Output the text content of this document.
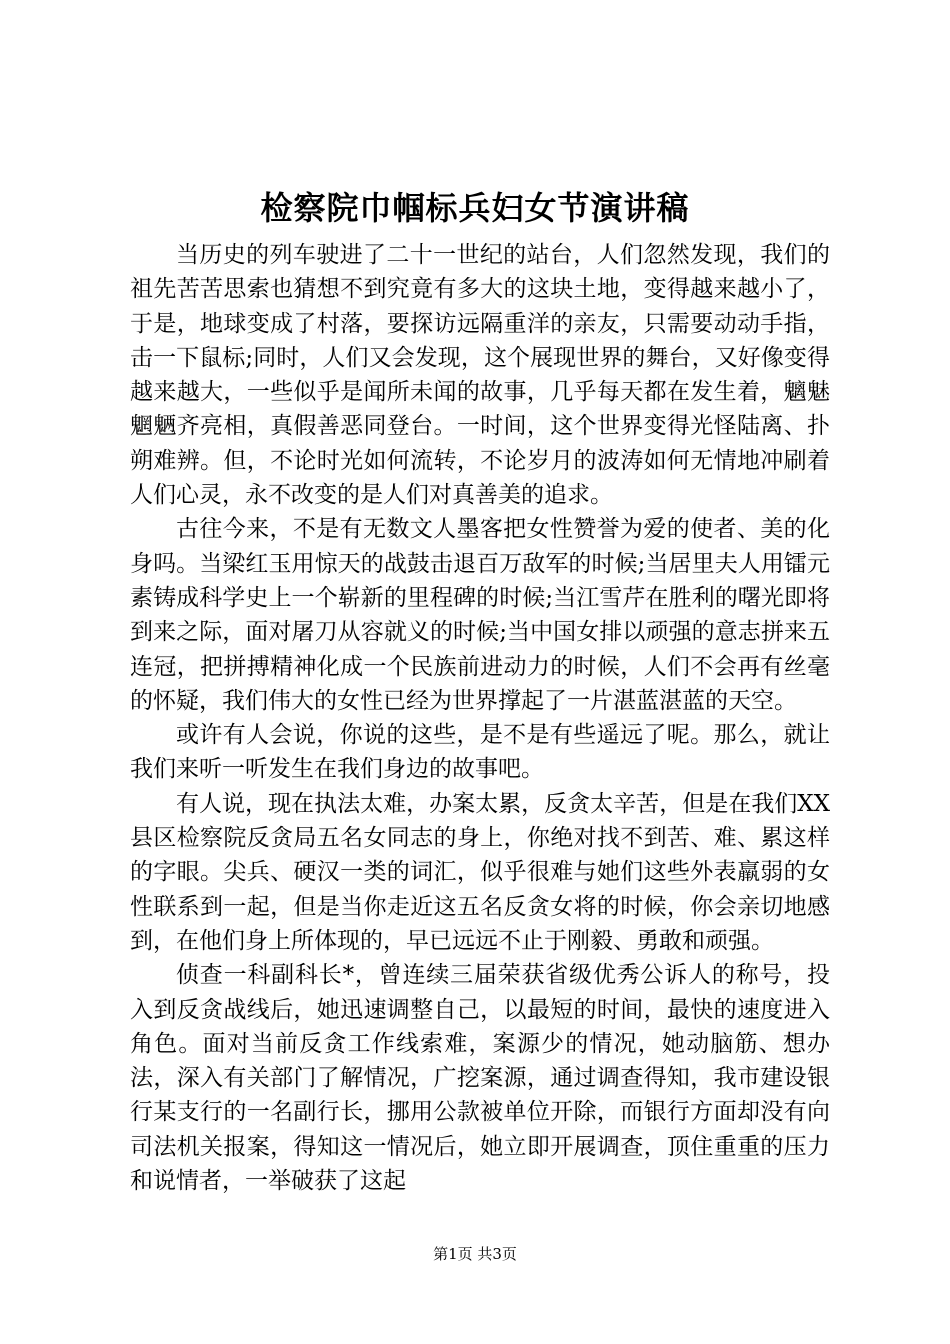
检察院巾帼标兵妇女节演讲稿

当历史的列车驶进了二十一世纪的站台，人们忽然发现，我们的祖先苦苦思索也猜想不到究竟有多大的这块土地，变得越来越小了，于是，地球变成了村落，要探访远隔重洋的亲友，只需要动动手指，击一下鼠标;同时，人们又会发现，这个展现世界的舞台，又好像变得越来越大，一些似乎是闻所未闻的故事，几乎每天都在发生着，魑魅魍魉齐亮相，真假善恶同登台。一时间，这个世界变得光怪陆离、扑朔难辨。但，不论时光如何流转，不论岁月的波涛如何无情地冲刷着人们心灵，永不改变的是人们对真善美的追求。

古往今来，不是有无数文人墨客把女性赞誉为爱的使者、美的化身吗。当梁红玉用惊天的战鼓击退百万敌军的时候;当居里夫人用镭元素铸成科学史上一个崭新的里程碑的时候;当江雪芹在胜利的曙光即将到来之际，面对屠刀从容就义的时候;当中国女排以顽强的意志拼来五连冠，把拼搏精神化成一个民族前进动力的时候，人们不会再有丝毫的怀疑，我们伟大的女性已经为世界撑起了一片湛蓝湛蓝的天空。

或许有人会说，你说的这些，是不是有些遥远了呢。那么，就让我们来听一听发生在我们身边的故事吧。

有人说，现在执法太难，办案太累，反贪太辛苦，但是在我们XX县区检察院反贪局五名女同志的身上，你绝对找不到苦、难、累这样的字眼。尖兵、硬汉一类的词汇，似乎很难与她们这些外表羸弱的女性联系到一起，但是当你走近这五名反贪女将的时候，你会亲切地感到，在他们身上所体现的，早已远远不止于刚毅、勇敢和顽强。

侦查一科副科长*，曾连续三届荣获省级优秀公诉人的称号，投入到反贪战线后，她迅速调整自己，以最短的时间，最快的速度进入角色。面对当前反贪工作线索难，案源少的情况，她动脑筋、想办法，深入有关部门了解情况，广挖案源，通过调查得知，我市建设银行某支行的一名副行长，挪用公款被单位开除，而银行方面却没有向司法机关报案，得知这一情况后，她立即开展调查，顶住重重的压力和说情者，一举破获了这起

第1页 共3页
